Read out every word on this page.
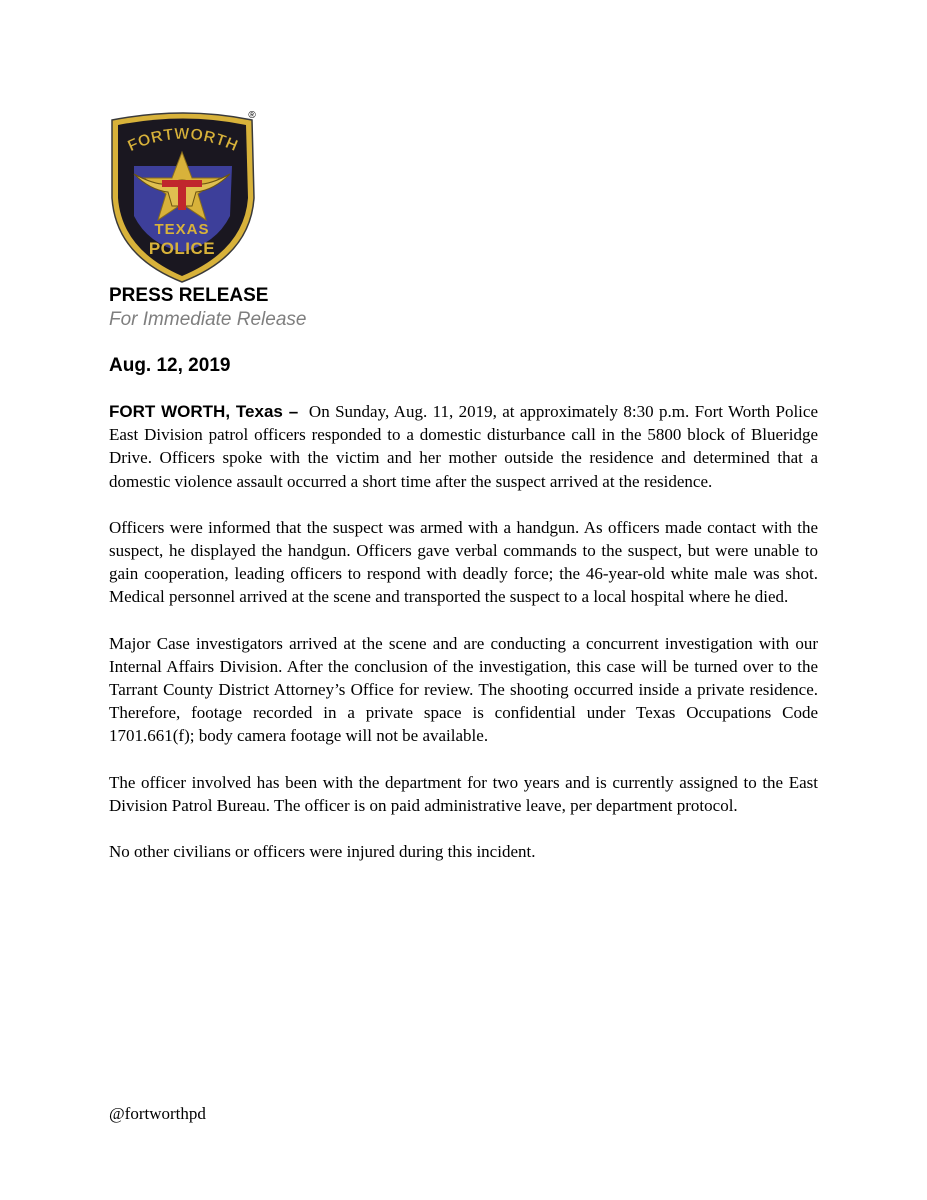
FORTWORTH
TEXAS
POLICE
®

PRESS RELEASE

For Immediate Release

Aug. 12, 2019

FORT WORTH, Texas – On Sunday, Aug. 11, 2019, at approximately 8:30 p.m. Fort Worth Police East Division patrol officers responded to a domestic disturbance call in the 5800 block of Blueridge Drive. Officers spoke with the victim and her mother outside the residence and determined that a domestic violence assault occurred a short time after the suspect arrived at the residence.

Officers were informed that the suspect was armed with a handgun. As officers made contact with the suspect, he displayed the handgun. Officers gave verbal commands to the suspect, but were unable to gain cooperation, leading officers to respond with deadly force; the 46-year-old white male was shot. Medical personnel arrived at the scene and transported the suspect to a local hospital where he died.

Major Case investigators arrived at the scene and are conducting a concurrent investigation with our Internal Affairs Division. After the conclusion of the investigation, this case will be turned over to the Tarrant County District Attorney’s Office for review. The shooting occurred inside a private residence. Therefore, footage recorded in a private space is confidential under Texas Occupations Code 1701.661(f); body camera footage will not be available.

The officer involved has been with the department for two years and is currently assigned to the East Division Patrol Bureau. The officer is on paid administrative leave, per department protocol.

No other civilians or officers were injured during this incident.

@fortworthpd
